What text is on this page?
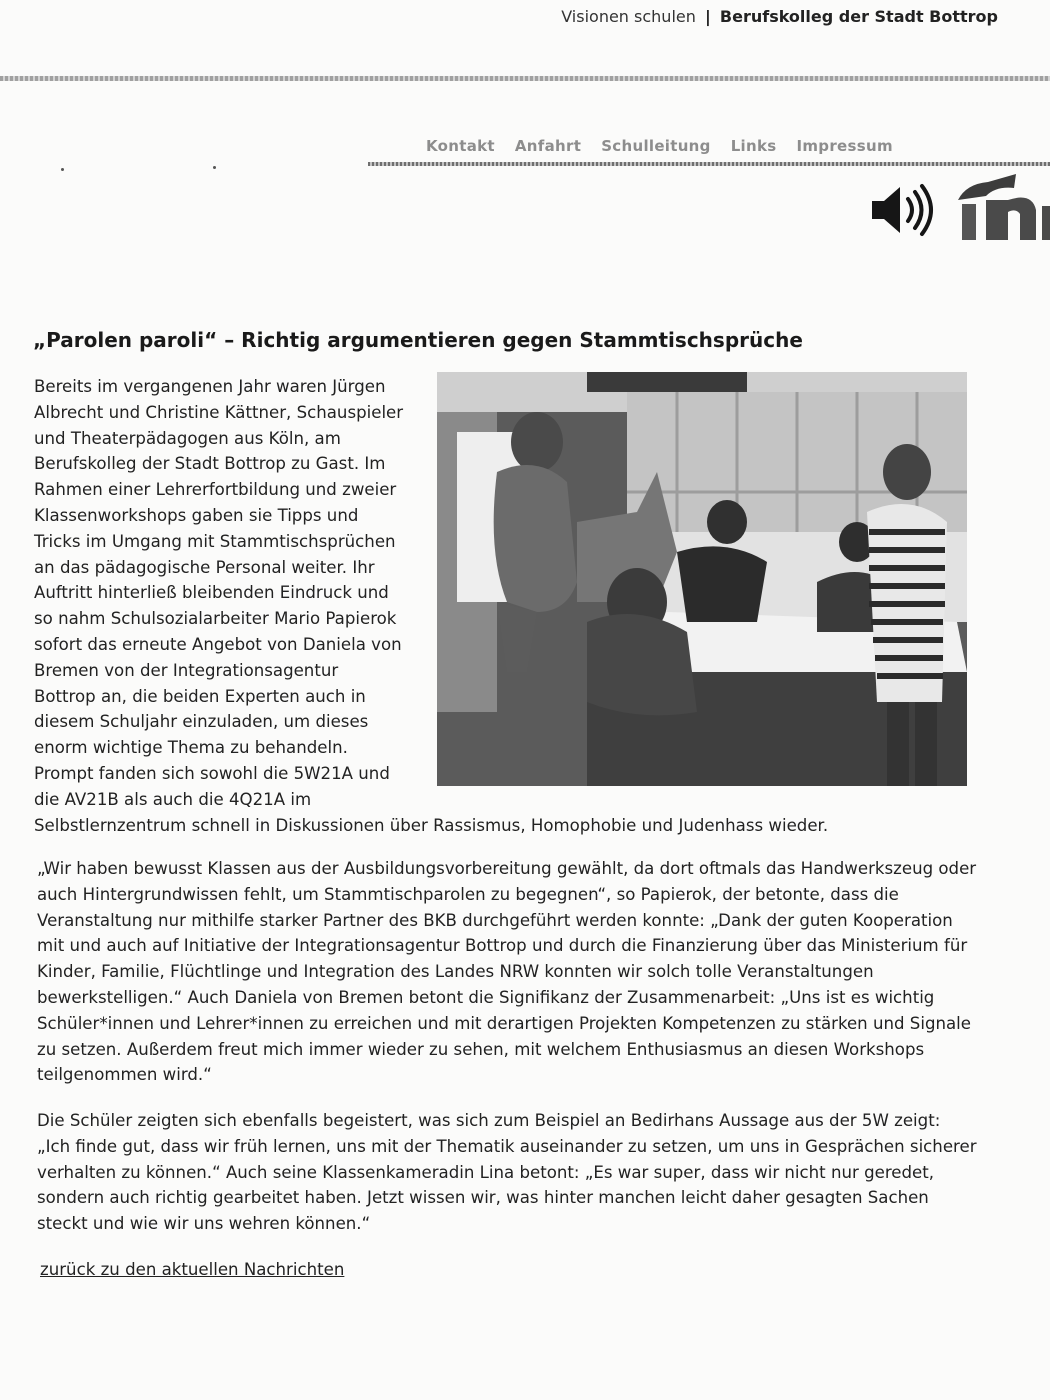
Visionen schulen | Berufskolleg der Stadt Bottrop
Kontakt Anfahrt Schulleitung Links Impressum
„Parolen paroli“ – Richtig argumentieren gegen Stammtischsprüche
Bereits im vergangenen Jahr waren Jürgen
Albrecht und Christine Kättner, Schauspieler
und Theaterpädagogen aus Köln, am
Berufskolleg der Stadt Bottrop zu Gast. Im
Rahmen einer Lehrerfortbildung und zweier
Klassenworkshops gaben sie Tipps und
Tricks im Umgang mit Stammtischsprüchen
an das pädagogische Personal weiter. Ihr
Auftritt hinterließ bleibenden Eindruck und
so nahm Schulsozialarbeiter Mario Papierok
sofort das erneute Angebot von Daniela von
Bremen von der Integrationsagentur
Bottrop an, die beiden Experten auch in
diesem Schuljahr einzuladen, um dieses
enorm wichtige Thema zu behandeln.
Prompt fanden sich sowohl die 5W21A und
die AV21B als auch die 4Q21A im

Selbstlernzentrum schnell in Diskussionen über Rassismus, Homophobie und Judenhass wieder.

„Wir haben bewusst Klassen aus der Ausbildungsvorbereitung gewählt, da dort oftmals das Handwerkszeug oder auch Hintergrundwissen fehlt, um Stammtischparolen zu begegnen“, so Papierok, der betonte, dass die Veranstaltung nur mithilfe starker Partner des BKB durchgeführt werden konnte: „Dank der guten Kooperation mit und auch auf Initiative der Integrationsagentur Bottrop und durch die Finanzierung über das Ministerium für Kinder, Familie, Flüchtlinge und Integration des Landes NRW konnten wir solch tolle Veranstaltungen bewerkstelligen.“ Auch Daniela von Bremen betont die Signifikanz der Zusammenarbeit: „Uns ist es wichtig Schüler*innen und Lehrer*innen zu erreichen und mit derartigen Projekten Kompetenzen zu stärken und Signale zu setzen. Außerdem freut mich immer wieder zu sehen, mit welchem Enthusiasmus an diesen Workshops teilgenommen wird.“

Die Schüler zeigten sich ebenfalls begeistert, was sich zum Beispiel an Bedirhans Aussage aus der 5W zeigt: „Ich finde gut, dass wir früh lernen, uns mit der Thematik auseinander zu setzen, um uns in Gesprächen sicherer verhalten zu können.“ Auch seine Klassenkameradin Lina betont: „Es war super, dass wir nicht nur geredet, sondern auch richtig gearbeitet haben. Jetzt wissen wir, was hinter manchen leicht daher gesagten Sachen steckt und wie wir uns wehren können.“

zurück zu den aktuellen Nachrichten
